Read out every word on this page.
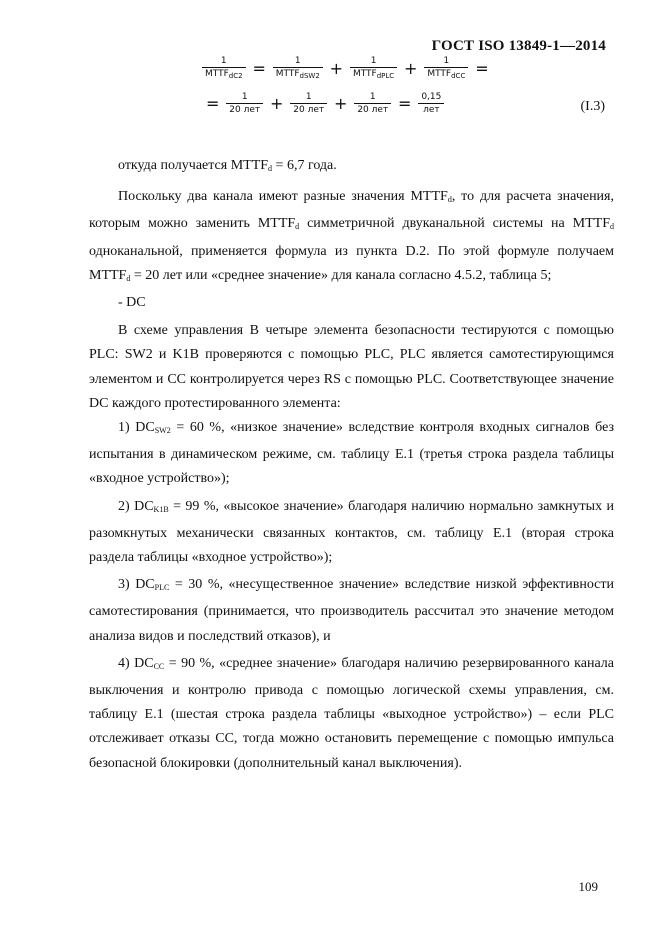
ГОСТ ISO 13849-1—2014
$\frac{1}{MTTF_{dC2}} = \frac{1}{MTTF_{dSW2}} + \frac{1}{MTTF_{dPLC}} + \frac{1}{MTTF_{dCC}}$ =
= $\frac{1}{\text{20 лет}} + \frac{1}{\text{20 лет}} + \frac{1}{\text{20 лет}} = \frac{0,15}{\text{лет}}$	(I.3)

откуда получается $MTTF_d = 6,7$ года.

Поскольку два канала имеют разные значения $MTTF_d$, то для расчета значения, которым можно заменить $MTTF_d$ симметричной двуканальной системы на $MTTF_d$ одноканальной, применяется формула из пункта D.2. По этой формуле получаем $MTTF_d = 20$ лет или «среднее значение» для канала согласно 4.5.2, таблица 5;

- DC

В схеме управления В четыре элемента безопасности тестируются с помощью PLC: SW2 и K1B проверяются с помощью PLC, PLC является самотестирующимся элементом и CC контролируется через RS с помощью PLC. Соответствующее значение DC каждого протестированного элемента:

1) $DC_{SW2} = 60$ %, «низкое значение» вследствие контроля входных сигналов без испытания в динамическом режиме, см. таблицу Е.1 (третья строка раздела таблицы «входное устройство»);

2) $DC_{K1B} = 99$ %, «высокое значение» благодаря наличию нормально замкнутых и разомкнутых механически связанных контактов, см. таблицу Е.1 (вторая строка раздела таблицы «входное устройство»);

3) $DC_{PLC} = 30$ %, «несущественное значение» вследствие низкой эффективности самотестирования (принимается, что производитель рассчитал это значение методом анализа видов и последствий отказов), и

4) $DC_{CC} = 90$ %, «среднее значение» благодаря наличию резервированного канала выключения и контролю привода с помощью логической схемы управления, см. таблицу Е.1 (шестая строка раздела таблицы «выходное устройство») – если PLC отслеживает отказы CC, тогда можно остановить перемещение с помощью импульса безопасной блокировки (дополнительный канал выключения).

109
